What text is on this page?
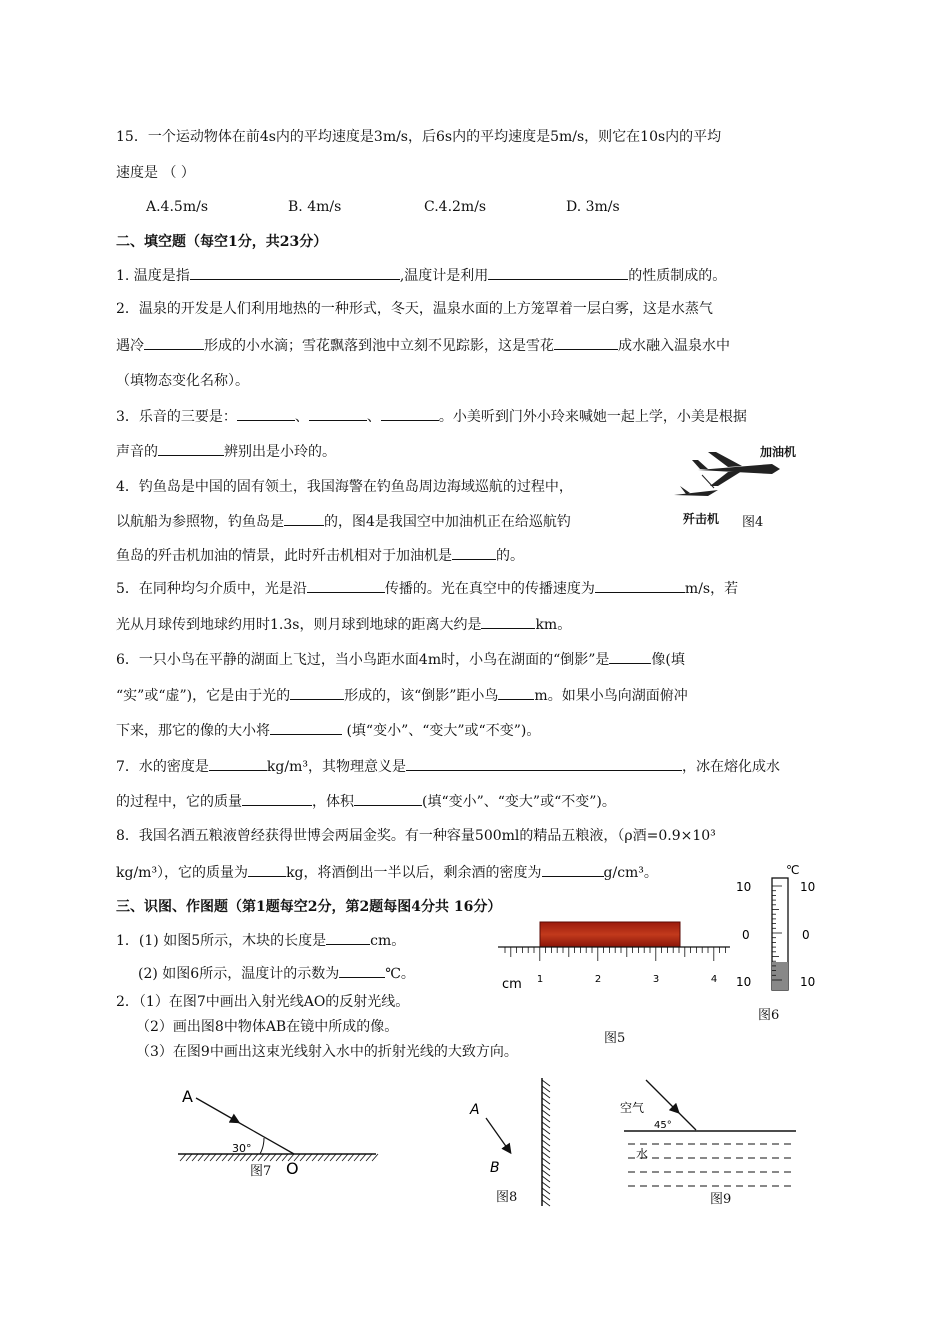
15．一个运动物体在前4s内的平均速度是3m/s，后6s内的平均速度是5m/s，则它在10s内的平均
速度是 （ ）
A.4.5m/s	B. 4m/s	C.4.2m/s	D. 3m/s
二、填空题（每空1分，共23分）
1. 温度是指	,温度计是利用	的性质制成的。
2．温泉的开发是人们利用地热的一种形式，冬天，温泉水面的上方笼罩着一层白雾，这是水蒸气
遇冷	形成的小水滴；雪花飘落到池中立刻不见踪影，这是雪花	成水融入温泉水中
（填物态变化名称）。
3．乐音的三要是：	、	、	。小美听到门外小玲来喊她一起上学，小美是根据
声音的	辨别出是小玲的。
4．钓鱼岛是中国的固有领土，我国海警在钓鱼岛周边海域巡航的过程中，
以航船为参照物，钓鱼岛是	的，图4是我国空中加油机正在给巡航钓
鱼岛的歼击机加油的情景，此时歼击机相对于加油机是	的。
5．在同种均匀介质中，光是沿	传播的。光在真空中的传播速度为	m/s，若
光从月球传到地球约用时1.3s，则月球到地球的距离大约是	km。
6．一只小鸟在平静的湖面上飞过，当小鸟距水面4m时，小鸟在湖面的“倒影”是	像(填
“实”或“虚”)，它是由于光的	形成的，该“倒影”距小鸟	m。如果小鸟向湖面俯冲
下来，那它的像的大小将	(填“变小”、“变大”或“不变”)。
7．水的密度是	kg/m³，其物理意义是	，冰在熔化成水
的过程中，它的质量	，体积	(填“变小”、“变大”或“不变”)。
8．我国名酒五粮液曾经获得世博会两届金奖。有一种容量500ml的精品五粮液，（ρ酒=0.9×10³
kg/m³），它的质量为	kg，将酒倒出一半以后，剩余酒的密度为	g/cm³。
三、识图、作图题（第1题每空2分，第2题每图4分共 16分）
1．(1) 如图5所示，木块的长度是	cm。
(2) 如图6所示，温度计的示数为	℃。
2．（1）在图7中画出入射光线AO的反射光线。
（2）画出图8中物体AB在镜中所成的像。
（3）在图9中画出这束光线射入水中的折射光线的大致方向。
加油机
歼击机 图4
cm 1	2	3	4
图5
℃
10
0
10
10
0
10
图6
A
30°
O
图7
A
B
图8
空气
45°
水
图9
